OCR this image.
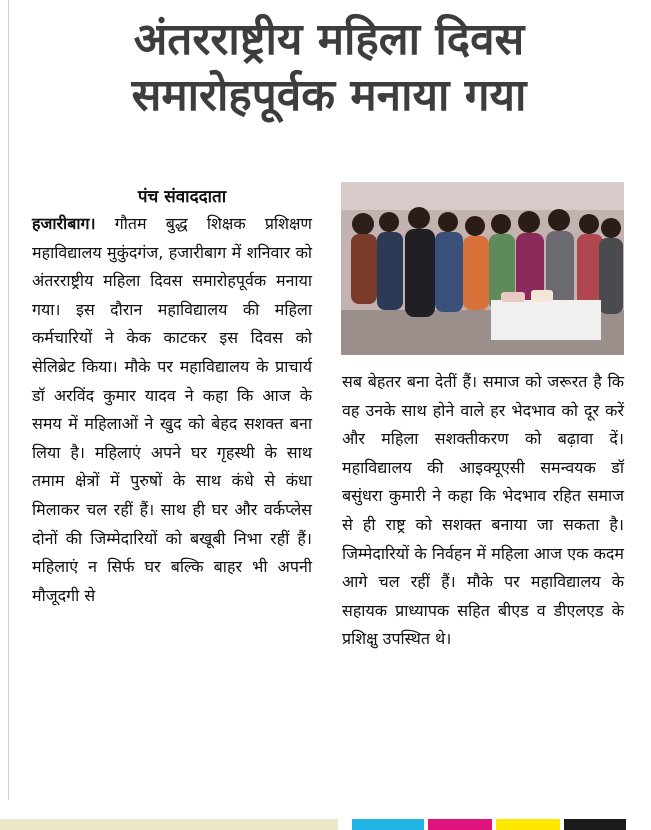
अंतरराष्ट्रीय महिला दिवस
समारोहपूर्वक मनाया गया
पंच संवाददाता

हजारीबाग। गौतम बुद्ध शिक्षक प्रशिक्षण महाविद्यालय मुकुंदगंज, हजारीबाग में शनिवार को अंतरराष्ट्रीय महिला दिवस समारोहपूर्वक मनाया गया। इस दौरान महाविद्यालय की महिला कर्मचारियों ने केक काटकर इस दिवस को सेलिब्रेट किया। मौके पर महाविद्यालय के प्राचार्य डॉ अरविंद कुमार यादव ने कहा कि आज के समय में महिलाओं ने खुद को बेहद सशक्त बना लिया है। महिलाएं अपने घर गृहस्थी के साथ तमाम क्षेत्रों में पुरुषों के साथ कंधे से कंधा मिलाकर चल रहीं हैं। साथ ही घर और वर्कप्लेस दोनों की जिम्मेदारियों को बखूबी निभा रहीं हैं। महिलाएं न सिर्फ घर बल्कि बाहर भी अपनी मौजूदगी से

सब बेहतर बना देतीं हैं। समाज को जरूरत है कि वह उनके साथ होने वाले हर भेदभाव को दूर करें और महिला सशक्तीकरण को बढ़ावा दें। महाविद्यालय की आइक्यूएसी समन्वयक डॉ बसुंधरा कुमारी ने कहा कि भेदभाव रहित समाज से ही राष्ट्र को सशक्त बनाया जा सकता है। जिम्मेदारियों के निर्वहन में महिला आज एक कदम आगे चल रहीं हैं। मौके पर महाविद्यालय के सहायक प्राध्यापक सहित बीएड व डीएलएड के प्रशिक्षु उपस्थित थे।
